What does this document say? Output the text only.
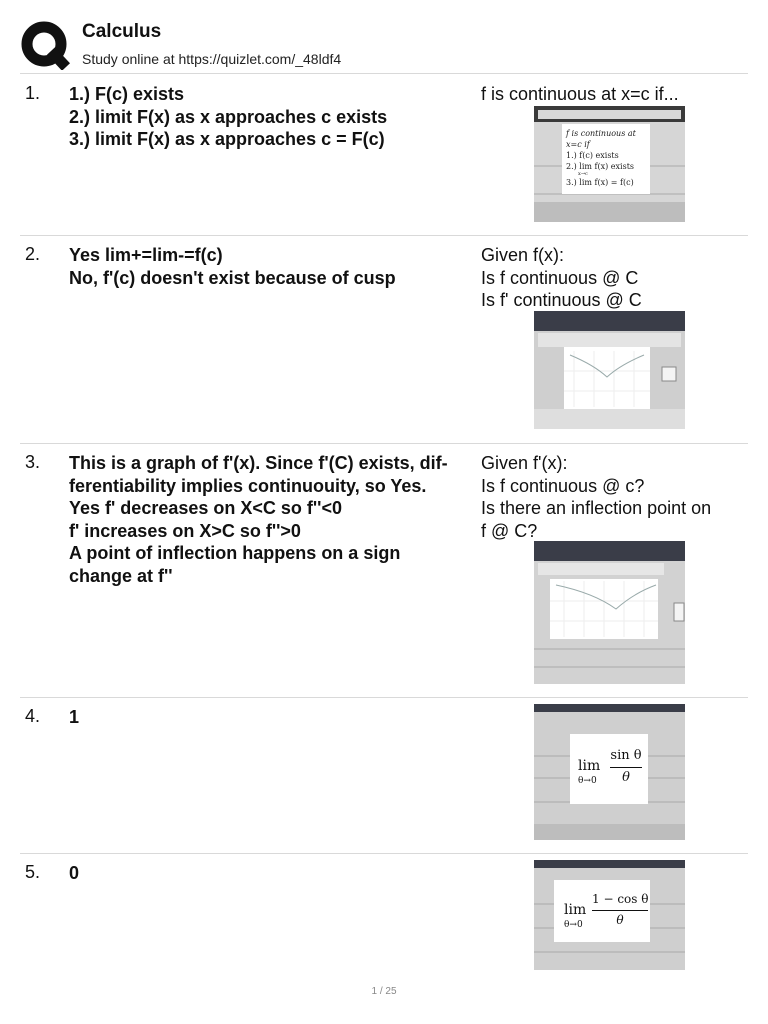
Calculus
Study online at https://quizlet.com/_48ldf4
1. 1.) F(c) exists
2.) limit F(x) as x approaches c exists
3.) limit F(x) as x approaches c = F(c)
f is continuous at x=c if...
f is continuous at x=c if
1.) f(c) exists
2.) lim f(x) exists
x→c
3.) lim f(x) = f(c)
2. Yes lim+=lim-=f(c)
No, f'(c) doesn't exist because of cusp
Given f(x):
Is f continuous @ C
Is f' continuous @ C
3. This is a graph of f'(x). Since f'(C) exists, dif-
ferentiability implies continuouity, so Yes.
Yes f' decreases on X<C so f''<0
f' increases on X>C so f''>0
A point of inflection happens on a sign
change at f''
Given f'(x):
Is f continuous @ c?
Is there an inflection point on
f @ C?
4. 1
lim
θ→0
sin θ
θ
5. 0
lim
θ→0
1 − cos θ
θ
1 / 25
